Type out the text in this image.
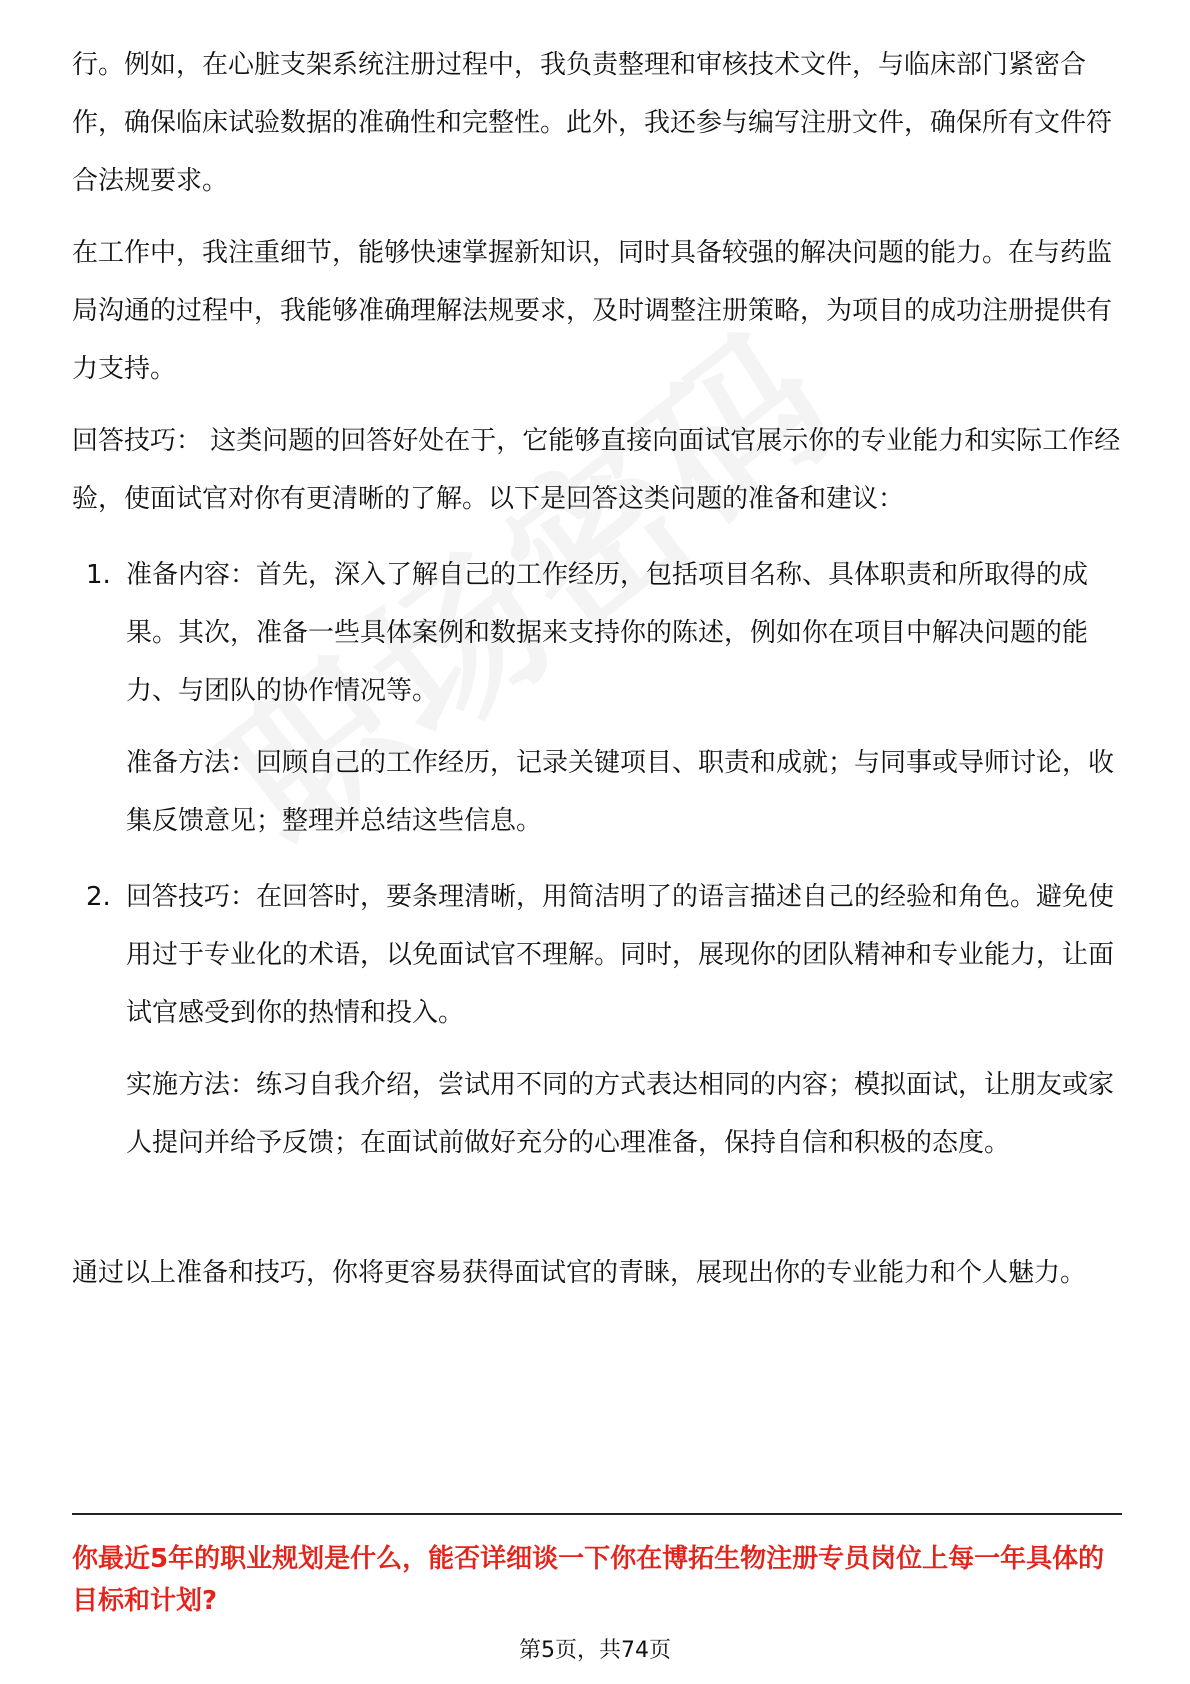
行。例如，在心脏支架系统注册过程中，我负责整理和审核技术文件，与临床部门紧密合作，确保临床试验数据的准确性和完整性。此外，我还参与编写注册文件，确保所有文件符合法规要求。

在工作中，我注重细节，能够快速掌握新知识，同时具备较强的解决问题的能力。在与药监局沟通的过程中，我能够准确理解法规要求，及时调整注册策略，为项目的成功注册提供有力支持。

回答技巧： 这类问题的回答好处在于，它能够直接向面试官展示你的专业能力和实际工作经验，使面试官对你有更清晰的了解。以下是回答这类问题的准备和建议：

1. 准备内容：首先，深入了解自己的工作经历，包括项目名称、具体职责和所取得的成果。其次，准备一些具体案例和数据来支持你的陈述，例如你在项目中解决问题的能力、与团队的协作情况等。

准备方法：回顾自己的工作经历，记录关键项目、职责和成就；与同事或导师讨论，收集反馈意见；整理并总结这些信息。

2. 回答技巧：在回答时，要条理清晰，用简洁明了的语言描述自己的经验和角色。避免使用过于专业化的术语，以免面试官不理解。同时，展现你的团队精神和专业能力，让面试官感受到你的热情和投入。

实施方法：练习自我介绍，尝试用不同的方式表达相同的内容；模拟面试，让朋友或家人提问并给予反馈；在面试前做好充分的心理准备，保持自信和积极的态度。

通过以上准备和技巧，你将更容易获得面试官的青睐，展现出你的专业能力和个人魅力。

你最近5年的职业规划是什么，能否详细谈一下你在博拓生物注册专员岗位上每一年具体的目标和计划?

第5页，共74页
